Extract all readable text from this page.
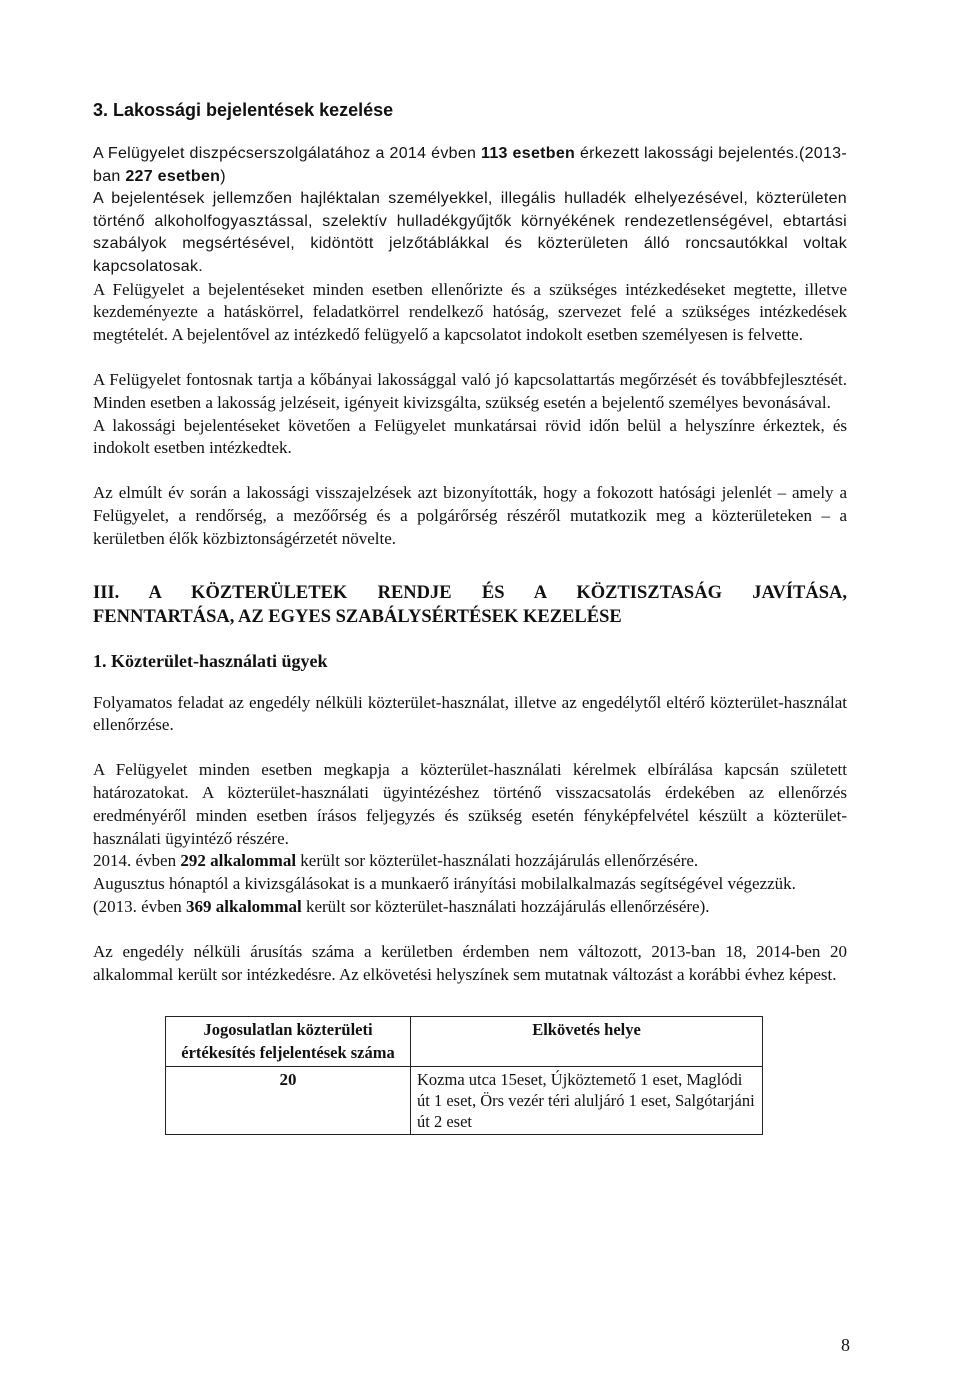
3. Lakossági bejelentések kezelése

A Felügyelet diszpécserszolgálatához a 2014 évben 113 esetben érkezett lakossági bejelentés.(2013-ban 227 esetben)

A bejelentések jellemzően hajléktalan személyekkel, illegális hulladék elhelyezésével, közterületen történő alkoholfogyasztással, szelektív hulladékgyűjtők környékének rendezetlenségével, ebtartási szabályok megsértésével, kidöntött jelzőtáblákkal és közterületen álló roncsautókkal voltak kapcsolatosak.

A Felügyelet a bejelentéseket minden esetben ellenőrizte és a szükséges intézkedéseket megtette, illetve kezdeményezte a hatáskörrel, feladatkörrel rendelkező hatóság, szervezet felé a szükséges intézkedések megtételét. A bejelentővel az intézkedő felügyelő a kapcsolatot indokolt esetben személyesen is felvette.

A Felügyelet fontosnak tartja a kőbányai lakossággal való jó kapcsolattartás megőrzését és továbbfejlesztését. Minden esetben a lakosság jelzéseit, igényeit kivizsgálta, szükség esetén a bejelentő személyes bevonásával.

A lakossági bejelentéseket követően a Felügyelet munkatársai rövid időn belül a helyszínre érkeztek, és indokolt esetben intézkedtek.

Az elmúlt év során a lakossági visszajelzések azt bizonyították, hogy a fokozott hatósági jelenlét – amely a Felügyelet, a rendőrség, a mezőőrség és a polgárőrség részéről mutatkozik meg a közterületeken – a kerületben élők közbiztonságérzetét növelte.

III. A KÖZTERÜLETEK RENDJE ÉS A KÖZTISZTASÁG JAVÍTÁSA,
FENNTARTÁSA, AZ EGYES SZABÁLYSÉRTÉSEK KEZELÉSE
1. Közterület-használati ügyek

Folyamatos feladat az engedély nélküli közterület-használat, illetve az engedélytől eltérő közterület-használat ellenőrzése.

A Felügyelet minden esetben megkapja a közterület-használati kérelmek elbírálása kapcsán született határozatokat. A közterület-használati ügyintézéshez történő visszacsatolás érdekében az ellenőrzés eredményéről minden esetben írásos feljegyzés és szükség esetén fényképfelvétel készült a közterület-használati ügyintéző részére.

2014. évben 292 alkalommal került sor közterület-használati hozzájárulás ellenőrzésére.

Augusztus hónaptól a kivizsgálásokat is a munkaerő irányítási mobilalkalmazás segítségével végezzük.

(2013. évben 369 alkalommal került sor közterület-használati hozzájárulás ellenőrzésére).

Az engedély nélküli árusítás száma a kerületben érdemben nem változott, 2013-ban 18, 2014-ben 20 alkalommal került sor intézkedésre. Az elkövetési helyszínek sem mutatnak változást a korábbi évhez képest.

Jogosulatlan közterületi értékesítés feljelentések száma	Elkövetés helye
20	Kozma utca 15eset, Újköztemető 1 eset, Maglódi út 1 eset, Örs vezér téri aluljáró 1 eset, Salgótarjáni út 2 eset
8
